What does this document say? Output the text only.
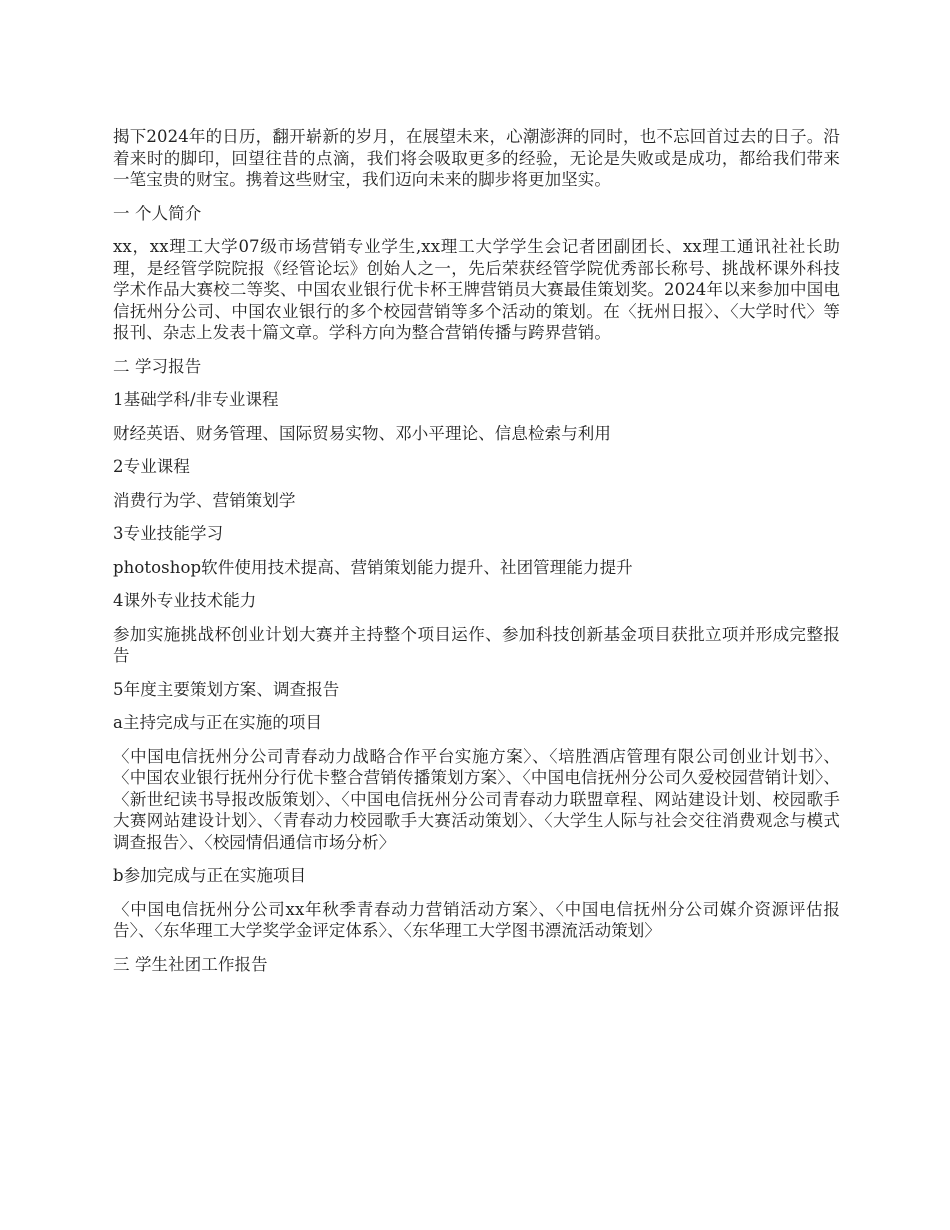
揭下2024年的日历，翻开崭新的岁月，在展望未来，心潮澎湃的同时，也不忘回首过去的日子。沿着来时的脚印，回望往昔的点滴，我们将会吸取更多的经验，无论是失败或是成功，都给我们带来一笔宝贵的财宝。携着这些财宝，我们迈向未来的脚步将更加坚实。

一 个人简介

xx，xx理工大学07级市场营销专业学生,xx理工大学学生会记者团副团长、xx理工通讯社社长助理，是经管学院院报《经管论坛》创始人之一，先后荣获经管学院优秀部长称号、挑战杯课外科技学术作品大赛校二等奖、中国农业银行优卡杯王牌营销员大赛最佳策划奖。2024年以来参加中国电信抚州分公司、中国农业银行的多个校园营销等多个活动的策划。在〈抚州日报〉、〈大学时代〉等报刊、杂志上发表十篇文章。学科方向为整合营销传播与跨界营销。

二 学习报告

1基础学科/非专业课程

财经英语、财务管理、国际贸易实物、邓小平理论、信息检索与利用

2专业课程

消费行为学、营销策划学

3专业技能学习

photoshop软件使用技术提高、营销策划能力提升、社团管理能力提升

4课外专业技术能力

参加实施挑战杯创业计划大赛并主持整个项目运作、参加科技创新基金项目获批立项并形成完整报告

5年度主要策划方案、调查报告

a主持完成与正在实施的项目

〈中国电信抚州分公司青春动力战略合作平台实施方案〉、〈培胜酒店管理有限公司创业计划书〉、〈中国农业银行抚州分行优卡整合营销传播策划方案〉、〈中国电信抚州分公司久爱校园营销计划〉、〈新世纪读书导报改版策划〉、〈中国电信抚州分公司青春动力联盟章程、网站建设计划、校园歌手大赛网站建设计划〉、〈青春动力校园歌手大赛活动策划〉、〈大学生人际与社会交往消费观念与模式调查报告〉、〈校园情侣通信市场分析〉

b参加完成与正在实施项目

〈中国电信抚州分公司xx年秋季青春动力营销活动方案〉、〈中国电信抚州分公司媒介资源评估报告〉、〈东华理工大学奖学金评定体系〉、〈东华理工大学图书漂流活动策划〉

三 学生社团工作报告
